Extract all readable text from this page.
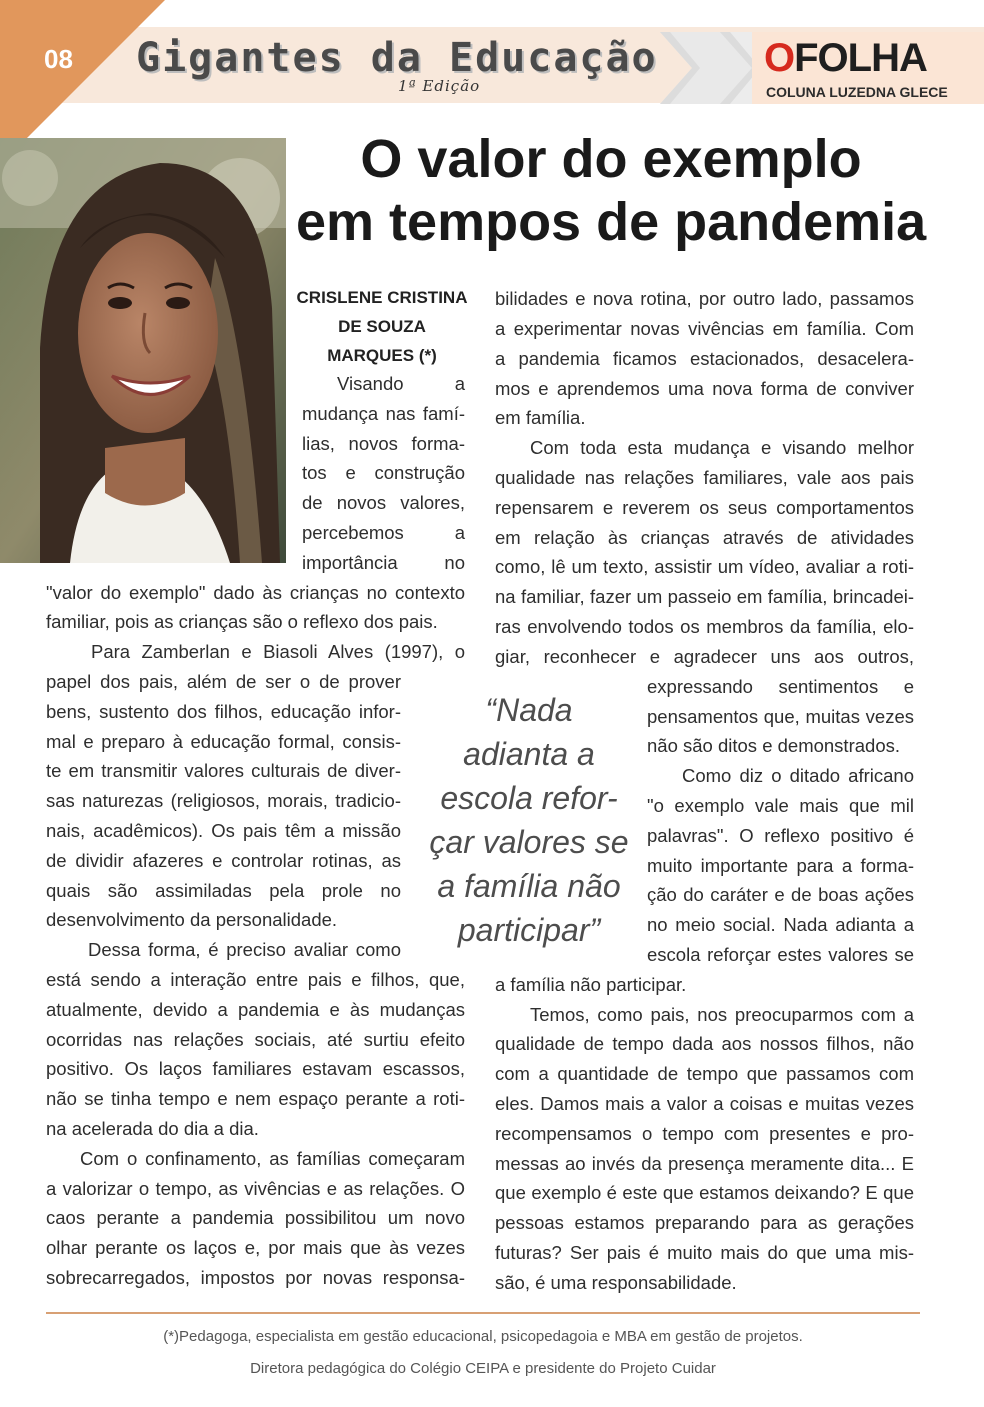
08 Gigantes da Educação
1ª Edição
OFOLHA
COLUNA LUZEDNA GLECE
O valor do exemplo
em tempos de pandemia
CRISLENE CRISTINA
DE SOUZA
MARQUES (*)
Visando a
mudança nas famí-
lias, novos forma-
tos e construção
de novos valores,
percebemos a
importância no
"valor do exemplo" dado às crianças no contexto
familiar, pois as crianças são o reflexo dos pais.
Para Zamberlan e Biasoli Alves (1997), o
papel dos pais, além de ser o de prover
bens, sustento dos filhos, educação infor-
mal e preparo à educação formal, consis-
te em transmitir valores culturais de diver-
sas naturezas (religiosos, morais, tradicio-
nais, acadêmicos). Os pais têm a missão
de dividir afazeres e controlar rotinas, as
quais são assimiladas pela prole no
desenvolvimento da personalidade.
Dessa forma, é preciso avaliar como
está sendo a interação entre pais e filhos, que,
atualmente, devido a pandemia e às mudanças
ocorridas nas relações sociais, até surtiu efeito
positivo. Os laços familiares estavam escassos,
não se tinha tempo e nem espaço perante a roti-
na acelerada do dia a dia.
Com o confinamento, as famílias começaram
a valorizar o tempo, as vivências e as relações. O
caos perante a pandemia possibilitou um novo
olhar perante os laços e, por mais que às vezes
sobrecarregados, impostos por novas responsa-
“Nada
adianta a
escola refor-
çar valores se
a família não
participar”
bilidades e nova rotina, por outro lado, passamos
a experimentar novas vivências em família. Com
a pandemia ficamos estacionados, desacelera-
mos e aprendemos uma nova forma de conviver
em família.
Com toda esta mudança e visando melhor
qualidade nas relações familiares, vale aos pais
repensarem e reverem os seus comportamentos
em relação às crianças através de atividades
como, lê um texto, assistir um vídeo, avaliar a roti-
na familiar, fazer um passeio em família, brincadei-
ras envolvendo todos os membros da família, elo-
giar, reconhecer e agradecer uns aos outros,
expressando sentimentos e
pensamentos que, muitas vezes
não são ditos e demonstrados.
Como diz o ditado africano
"o exemplo vale mais que mil
palavras". O reflexo positivo é
muito importante para a forma-
ção do caráter e de boas ações
no meio social. Nada adianta a
escola reforçar estes valores se
a família não participar.
Temos, como pais, nos preocuparmos com a
qualidade de tempo dada aos nossos filhos, não
com a quantidade de tempo que passamos com
eles. Damos mais a valor a coisas e muitas vezes
recompensamos o tempo com presentes e pro-
messas ao invés da presença meramente dita... E
que exemplo é este que estamos deixando? E que
pessoas estamos preparando para as gerações
futuras? Ser pais é muito mais do que uma mis-
são, é uma responsabilidade.
(*)Pedagoga, especialista em gestão educacional, psicopedagoia e MBA em gestão de projetos.
Diretora pedagógica do Colégio CEIPA e presidente do Projeto Cuidar
